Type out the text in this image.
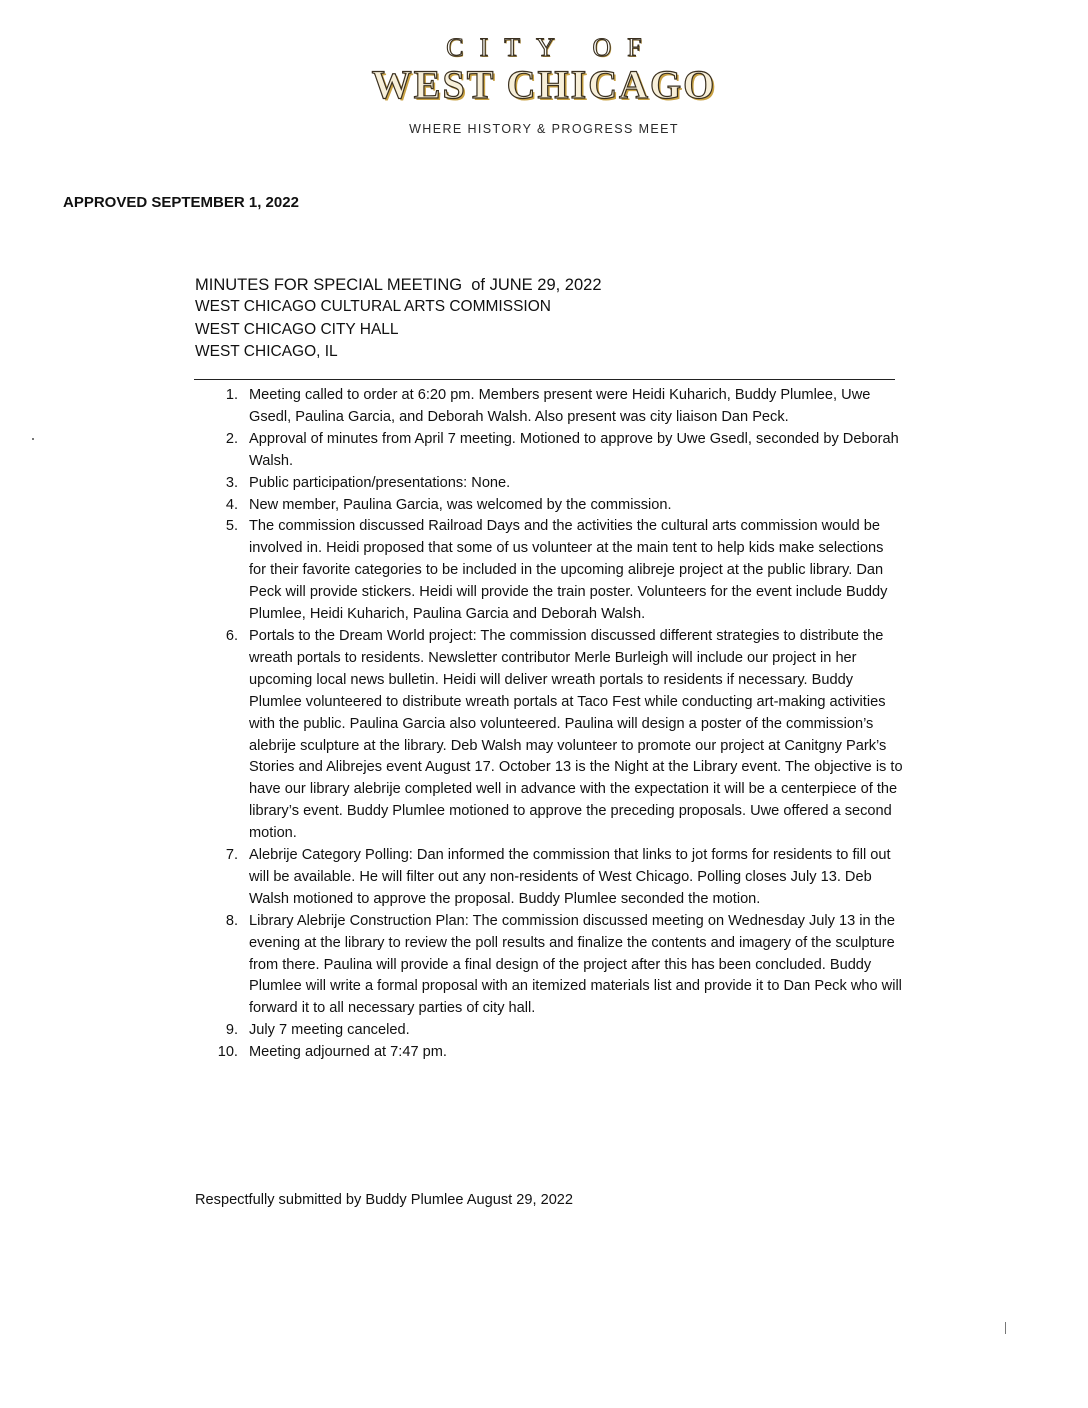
CITY OF
WEST CHICAGO
WHERE HISTORY & PROGRESS MEET
APPROVED SEPTEMBER 1, 2022
MINUTES FOR SPECIAL MEETING  of JUNE 29, 2022
WEST CHICAGO CULTURAL ARTS COMMISSION
WEST CHICAGO CITY HALL
WEST CHICAGO, IL
1. Meeting called to order at 6:20 pm. Members present were Heidi Kuharich, Buddy Plumlee, Uwe Gsedl, Paulina Garcia, and Deborah Walsh. Also present was city liaison Dan Peck.
2. Approval of minutes from April 7 meeting. Motioned to approve by Uwe Gsedl, seconded by Deborah Walsh.
3. Public participation/presentations: None.
4. New member, Paulina Garcia, was welcomed by the commission.
5. The commission discussed Railroad Days and the activities the cultural arts commission would be involved in. Heidi proposed that some of us volunteer at the main tent to help kids make selections for their favorite categories to be included in the upcoming alibreje project at the public library. Dan Peck will provide stickers. Heidi will provide the train poster. Volunteers for the event include Buddy Plumlee, Heidi Kuharich, Paulina Garcia and Deborah Walsh.
6. Portals to the Dream World project: The commission discussed different strategies to distribute the wreath portals to residents. Newsletter contributor Merle Burleigh will include our project in her upcoming local news bulletin. Heidi will deliver wreath portals to residents if necessary. Buddy Plumlee volunteered to distribute wreath portals at Taco Fest while conducting art-making activities with the public. Paulina Garcia also volunteered. Paulina will design a poster of the commission’s alebrije sculpture at the library. Deb Walsh may volunteer to promote our project at Canitgny Park’s Stories and Alibrejes event August 17. October 13 is the Night at the Library event. The objective is to have our library alebrije completed well in advance with the expectation it will be a centerpiece of the library’s event. Buddy Plumlee motioned to approve the preceding proposals. Uwe offered a second motion.
7. Alebrije Category Polling: Dan informed the commission that links to jot forms for residents to fill out will be available. He will filter out any non-residents of West Chicago. Polling closes July 13. Deb Walsh motioned to approve the proposal. Buddy Plumlee seconded the motion.
8. Library Alebrije Construction Plan: The commission discussed meeting on Wednesday July 13 in the evening at the library to review the poll results and finalize the contents and imagery of the sculpture from there. Paulina will provide a final design of the project after this has been concluded. Buddy Plumlee will write a formal proposal with an itemized materials list and provide it to Dan Peck who will forward it to all necessary parties of city hall.
9. July 7 meeting canceled.
10. Meeting adjourned at 7:47 pm.
Respectfully submitted by Buddy Plumlee August 29, 2022
